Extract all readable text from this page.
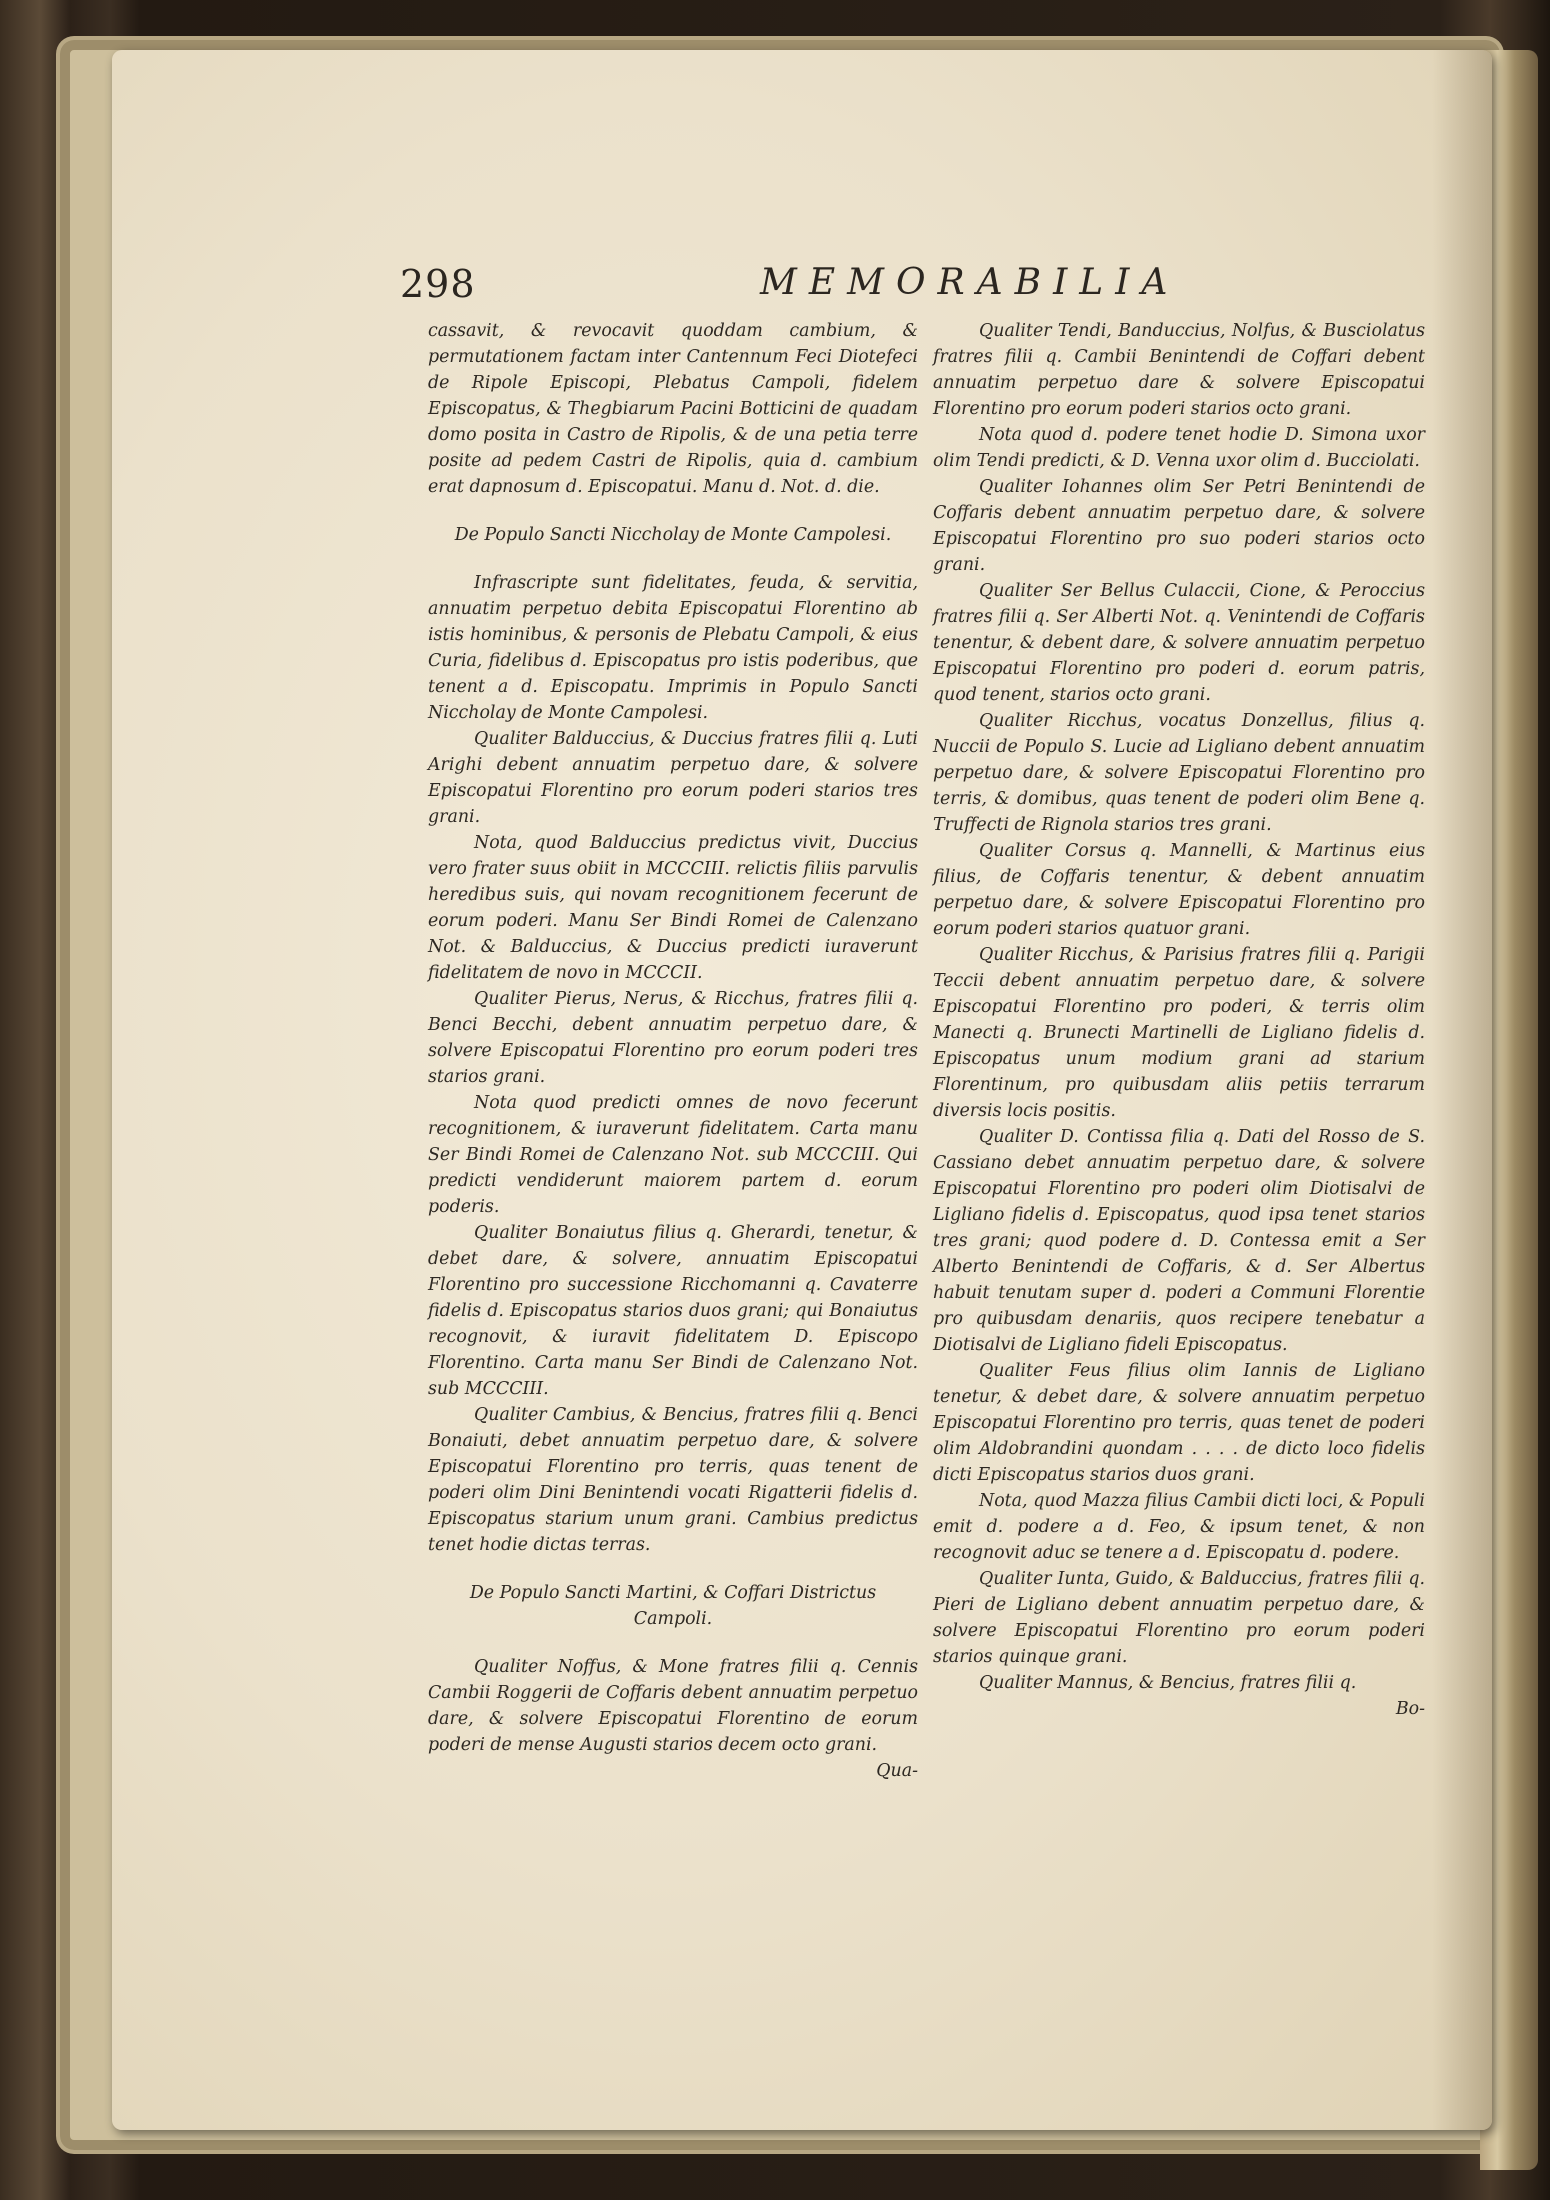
298	MEMORABILIA

cassavit, & revocavit quoddam cambium, & permutationem factam inter Cantennum Feci Diotefeci de Ripole Episcopi, Plebatus Campoli, fidelem Episcopatus, & Thegbiarum Pacini Botticini de quadam domo posita in Castro de Ripolis, & de una petia terre posite ad pedem Castri de Ripolis, quia d. cambium erat dapnosum d. Episcopatui. Manu d. Not. d. die.

De Populo Sancti Niccholay de Monte Campolesi.

Infrascripte sunt fidelitates, feuda, & servitia, annuatim perpetuo debita Episcopatui Florentino ab istis hominibus, & personis de Plebatu Campoli, & eius Curia, fidelibus d. Episcopatus pro istis poderibus, que tenent a d. Episcopatu. Imprimis in Populo Sancti Niccholay de Monte Campolesi.

Qualiter Balduccius, & Duccius fratres filii q. Luti Arighi debent annuatim perpetuo dare, & solvere Episcopatui Florentino pro eorum poderi starios tres grani.

Nota, quod Balduccius predictus vivit, Duccius vero frater suus obiit in MCCCIII. relictis filiis parvulis heredibus suis, qui novam recognitionem fecerunt de eorum poderi. Manu Ser Bindi Romei de Calenzano Not. & Balduccius, & Duccius predicti iuraverunt fidelitatem de novo in MCCCII.

Qualiter Pierus, Nerus, & Ricchus, fratres filii q. Benci Becchi, debent annuatim perpetuo dare, & solvere Episcopatui Florentino pro eorum poderi tres starios grani.

Nota quod predicti omnes de novo fecerunt recognitionem, & iuraverunt fidelitatem. Carta manu Ser Bindi Romei de Calenzano Not. sub MCCCIII. Qui predicti vendiderunt maiorem partem d. eorum poderis.

Qualiter Bonaiutus filius q. Gherardi, tenetur, & debet dare, & solvere, annuatim Episcopatui Florentino pro successione Ricchomanni q. Cavaterre fidelis d. Episcopatus starios duos grani; qui Bonaiutus recognovit, & iuravit fidelitatem D. Episcopo Florentino. Carta manu Ser Bindi de Calenzano Not. sub MCCCIII.

Qualiter Cambius, & Bencius, fratres filii q. Benci Bonaiuti, debet annuatim perpetuo dare, & solvere Episcopatui Florentino pro terris, quas tenent de poderi olim Dini Benintendi vocati Rigatterii fidelis d. Episcopatus starium unum grani. Cambius predictus tenet hodie dictas terras.

De Populo Sancti Martini, & Coffari Districtus Campoli.

Qualiter Noffus, & Mone fratres filii q. Cennis Cambii Roggerii de Coffaris debent annuatim perpetuo dare, & solvere Episcopatui Florentino de eorum poderi de mense Augusti starios decem octo grani.

Qua-

Qualiter Tendi, Banduccius, Nolfus, & Busciolatus fratres filii q. Cambii Benintendi de Coffari debent annuatim perpetuo dare & solvere Episcopatui Florentino pro eorum poderi starios octo grani.

Nota quod d. podere tenet hodie D. Simona uxor olim Tendi predicti, & D. Venna uxor olim d. Bucciolati.

Qualiter Iohannes olim Ser Petri Benintendi de Coffaris debent annuatim perpetuo dare, & solvere Episcopatui Florentino pro suo poderi starios octo grani.

Qualiter Ser Bellus Culaccii, Cione, & Peroccius fratres filii q. Ser Alberti Not. q. Venintendi de Coffaris tenentur, & debent dare, & solvere annuatim perpetuo Episcopatui Florentino pro poderi d. eorum patris, quod tenent, starios octo grani.

Qualiter Ricchus, vocatus Donzellus, filius q. Nuccii de Populo S. Lucie ad Ligliano debent annuatim perpetuo dare, & solvere Episcopatui Florentino pro terris, & domibus, quas tenent de poderi olim Bene q. Truffecti de Rignola starios tres grani.

Qualiter Corsus q. Mannelli, & Martinus eius filius, de Coffaris tenentur, & debent annuatim perpetuo dare, & solvere Episcopatui Florentino pro eorum poderi starios quatuor grani.

Qualiter Ricchus, & Parisius fratres filii q. Parigii Teccii debent annuatim perpetuo dare, & solvere Episcopatui Florentino pro poderi, & terris olim Manecti q. Brunecti Martinelli de Ligliano fidelis d. Episcopatus unum modium grani ad starium Florentinum, pro quibusdam aliis petiis terrarum diversis locis positis.

Qualiter D. Contissa filia q. Dati del Rosso de S. Cassiano debet annuatim perpetuo dare, & solvere Episcopatui Florentino pro poderi olim Diotisalvi de Ligliano fidelis d. Episcopatus, quod ipsa tenet starios tres grani; quod podere d. D. Contessa emit a Ser Alberto Benintendi de Coffaris, & d. Ser Albertus habuit tenutam super d. poderi a Communi Florentie pro quibusdam denariis, quos recipere tenebatur a Diotisalvi de Ligliano fideli Episcopatus.

Qualiter Feus filius olim Iannis de Ligliano tenetur, & debet dare, & solvere annuatim perpetuo Episcopatui Florentino pro terris, quas tenet de poderi olim Aldobrandini quondam . . . . de dicto loco fidelis dicti Episcopatus starios duos grani.

Nota, quod Mazza filius Cambii dicti loci, & Populi emit d. podere a d. Feo, & ipsum tenet, & non recognovit aduc se tenere a d. Episcopatu d. podere.

Qualiter Iunta, Guido, & Balduccius, fratres filii q. Pieri de Ligliano debent annuatim perpetuo dare, & solvere Episcopatui Florentino pro eorum poderi starios quinque grani.

Qualiter Mannus, & Bencius, fratres filii q.

Bo-
